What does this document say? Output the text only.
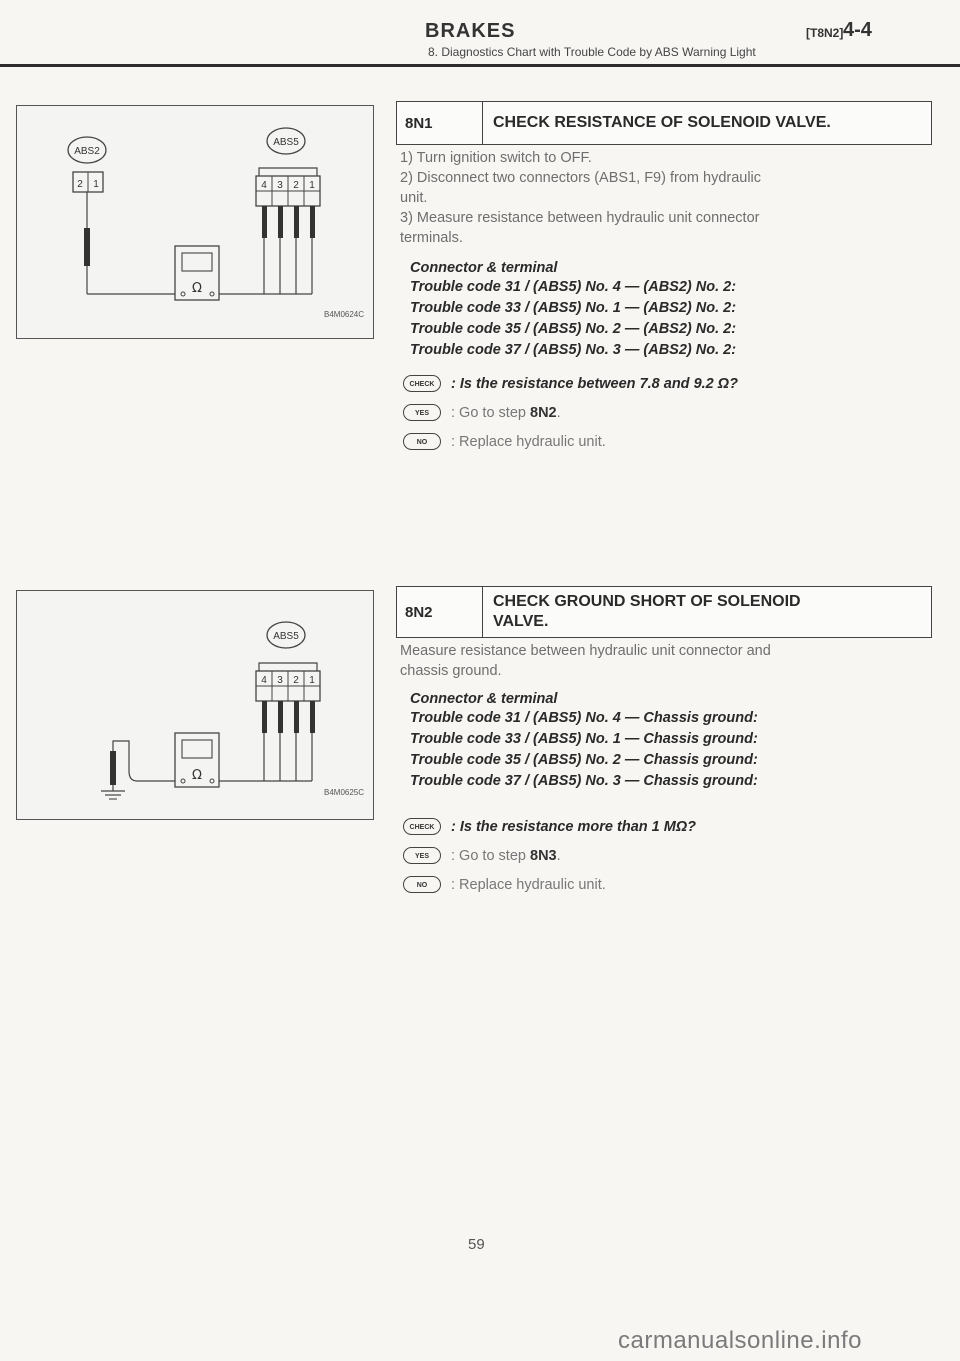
BRAKES	[T8N2] 4-4
8. Diagnostics Chart with Trouble Code by ABS Warning Light
ABS2
ABS5
2 1
Ω
4 3 2 1
B4M0624C
8N1	CHECK RESISTANCE OF SOLENOID VALVE.
1) Turn ignition switch to OFF.
2) Disconnect two connectors (ABS1, F9) from hydraulic
unit.
3) Measure resistance between hydraulic unit connector
terminals.
Connector & terminal
Trouble code 31 / (ABS5) No. 4 — (ABS2) No. 2:
Trouble code 33 / (ABS5) No. 1 — (ABS2) No. 2:
Trouble code 35 / (ABS5) No. 2 — (ABS2) No. 2:
Trouble code 37 / (ABS5) No. 3 — (ABS2) No. 2:
CHECK : Is the resistance between 7.8 and 9.2 Ω?
YES : Go to step 8N2.
NO : Replace hydraulic unit.
ABS5
4 3 2 1
Ω
B4M0625C
8N2
CHECK GROUND SHORT OF SOLENOID
VALVE.
Measure resistance between hydraulic unit connector and
chassis ground.
Connector & terminal
Trouble code 31 / (ABS5) No. 4 — Chassis ground:
Trouble code 33 / (ABS5) No. 1 — Chassis ground:
Trouble code 35 / (ABS5) No. 2 — Chassis ground:
Trouble code 37 / (ABS5) No. 3 — Chassis ground:
CHECK : Is the resistance more than 1 MΩ?
YES : Go to step 8N3.
NO : Replace hydraulic unit.
59
carmanualsonline.info
